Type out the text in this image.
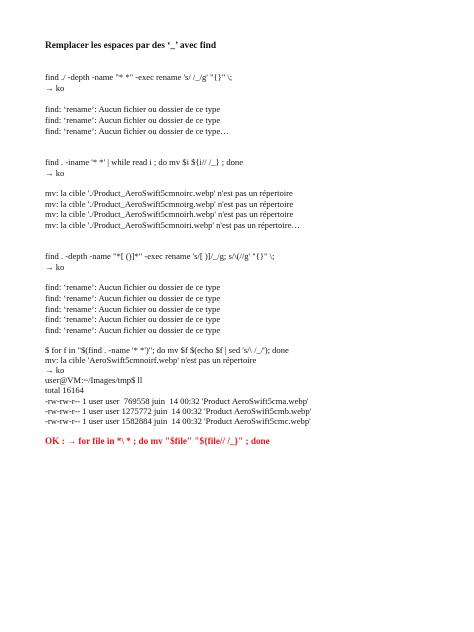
Remplacer les espaces par des ‘_’ avec find
find ./ -depth -name "* *" -exec rename 's/ /_/g' "{}" \;
→ ko
find: ‘rename’: Aucun fichier ou dossier de ce type
find: ‘rename’: Aucun fichier ou dossier de ce type
find: ‘rename’: Aucun fichier ou dossier de ce type…
find . -iname '* *' | while read i ; do mv $i ${i// /_} ; done
→ ko
mv: la cible './Product_AeroSwift5cmnoirc.webp' n'est pas un répertoire
mv: la cible './Product_AeroSwift5cmnoirg.webp' n'est pas un répertoire
mv: la cible './Product_AeroSwift5cmnoirh.webp' n'est pas un répertoire
mv: la cible './Product_AeroSwift5cmnoiri.webp' n'est pas un répertoire…
find . -depth -name "*[ ()]*" -exec rename 's/[ )]/_/g; s/\(//g' "{}" \;
→ ko
find: ‘rename’: Aucun fichier ou dossier de ce type
find: ‘rename’: Aucun fichier ou dossier de ce type
find: ‘rename’: Aucun fichier ou dossier de ce type
find: ‘rename’: Aucun fichier ou dossier de ce type
find: ‘rename’: Aucun fichier ou dossier de ce type
$ for f in "$(find . -name '* *')"; do mv $f $(echo $f | sed 's/\ /_/'); done
mv: la cible 'AeroSwift5cmnoirf.webp' n'est pas un répertoire
→ ko
user@VM:~/Images/tmp$ ll
total 16164
-rw-rw-r-- 1 user user  769558 juin  14 00:32 'Product AeroSwift5cma.webp'
-rw-rw-r-- 1 user user 1275772 juin  14 00:32 'Product AeroSwift5cmb.webp'
-rw-rw-r-- 1 user user 1582884 juin  14 00:32 'Product AeroSwift5cmc.webp'
OK : → for file in *\ * ; do mv "$file" "${file// /_}" ; done
